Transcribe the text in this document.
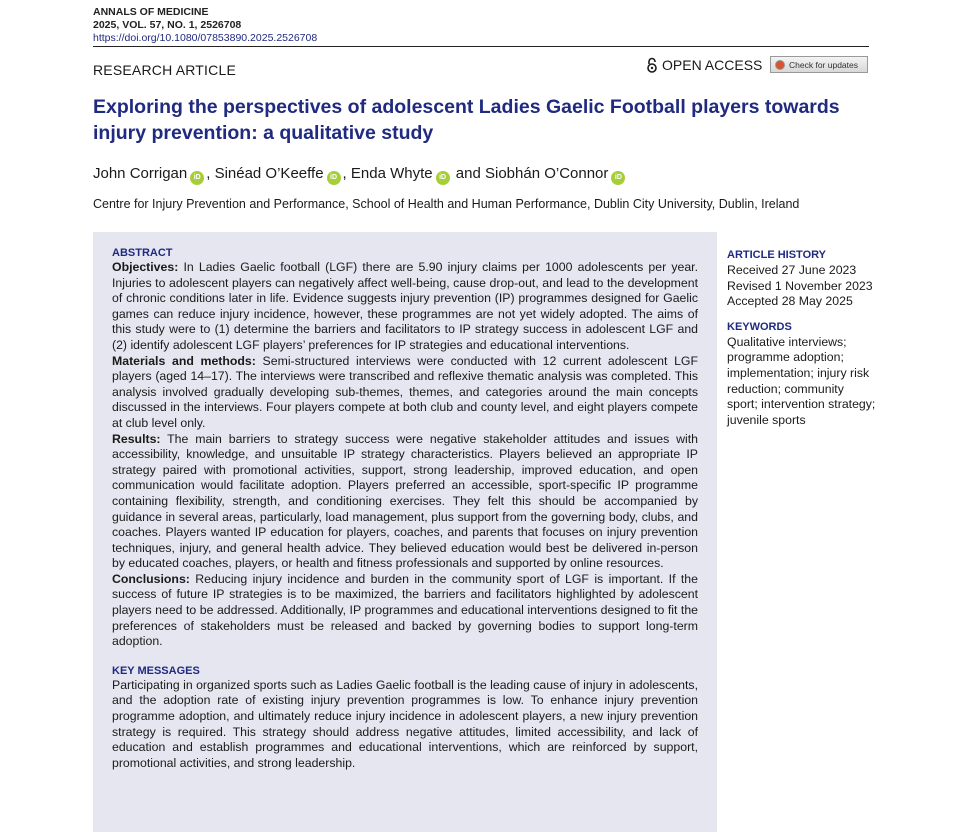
ANNALS OF MEDICINE
2025, VOL. 57, NO. 1, 2526708
https://doi.org/10.1080/07853890.2025.2526708
RESEARCH ARTICLE	OPEN ACCESS	Check for updates
Exploring the perspectives of adolescent Ladies Gaelic Football players towards injury prevention: a qualitative study
John Corrigan iD , Sinéad O’Keeffe iD , Enda Whyte iD and Siobhán O’Connor iD
Centre for Injury Prevention and Performance, School of Health and Human Performance, Dublin City University, Dublin, Ireland
ABSTRACT

Objectives: In Ladies Gaelic football (LGF) there are 5.90 injury claims per 1000 adolescents per year. Injuries to adolescent players can negatively affect well-being, cause drop-out, and lead to the development of chronic conditions later in life. Evidence suggests injury prevention (IP) programmes designed for Gaelic games can reduce injury incidence, however, these programmes are not yet widely adopted. The aims of this study were to (1) determine the barriers and facilitators to IP strategy success in adolescent LGF and (2) identify adolescent LGF players’ preferences for IP strategies and educational interventions.

Materials and methods: Semi-structured interviews were conducted with 12 current adolescent LGF players (aged 14–17). The interviews were transcribed and reflexive thematic analysis was completed. This analysis involved gradually developing sub-themes, themes, and categories around the main concepts discussed in the interviews. Four players compete at both club and county level, and eight players compete at club level only.

Results: The main barriers to strategy success were negative stakeholder attitudes and issues with accessibility, knowledge, and unsuitable IP strategy characteristics. Players believed an appropriate IP strategy paired with promotional activities, support, strong leadership, improved education, and open communication would facilitate adoption. Players preferred an accessible, sport-specific IP programme containing flexibility, strength, and conditioning exercises. They felt this should be accompanied by guidance in several areas, particularly, load management, plus support from the governing body, clubs, and coaches. Players wanted IP education for players, coaches, and parents that focuses on injury prevention techniques, injury, and general health advice. They believed education would best be delivered in-person by educated coaches, players, or health and fitness professionals and supported by online resources.

Conclusions: Reducing injury incidence and burden in the community sport of LGF is important. If the success of future IP strategies is to be maximized, the barriers and facilitators highlighted by adolescent players need to be addressed. Additionally, IP programmes and educational interventions designed to fit the preferences of stakeholders must be released and backed by governing bodies to support long-term adoption.

KEY MESSAGES

Participating in organized sports such as Ladies Gaelic football is the leading cause of injury in adolescents, and the adoption rate of existing injury prevention programmes is low. To enhance injury prevention programme adoption, and ultimately reduce injury incidence in adolescent players, a new injury prevention strategy is required. This strategy should address negative attitudes, limited accessibility, and lack of education and establish programmes and educational interventions, which are reinforced by support, promotional activities, and strong leadership.

ARTICLE HISTORY

Received 27 June 2023

Revised 1 November 2023

Accepted 28 May 2025

KEYWORDS

Qualitative interviews; programme adoption; implementation; injury risk reduction; community sport; intervention strategy; juvenile sports
